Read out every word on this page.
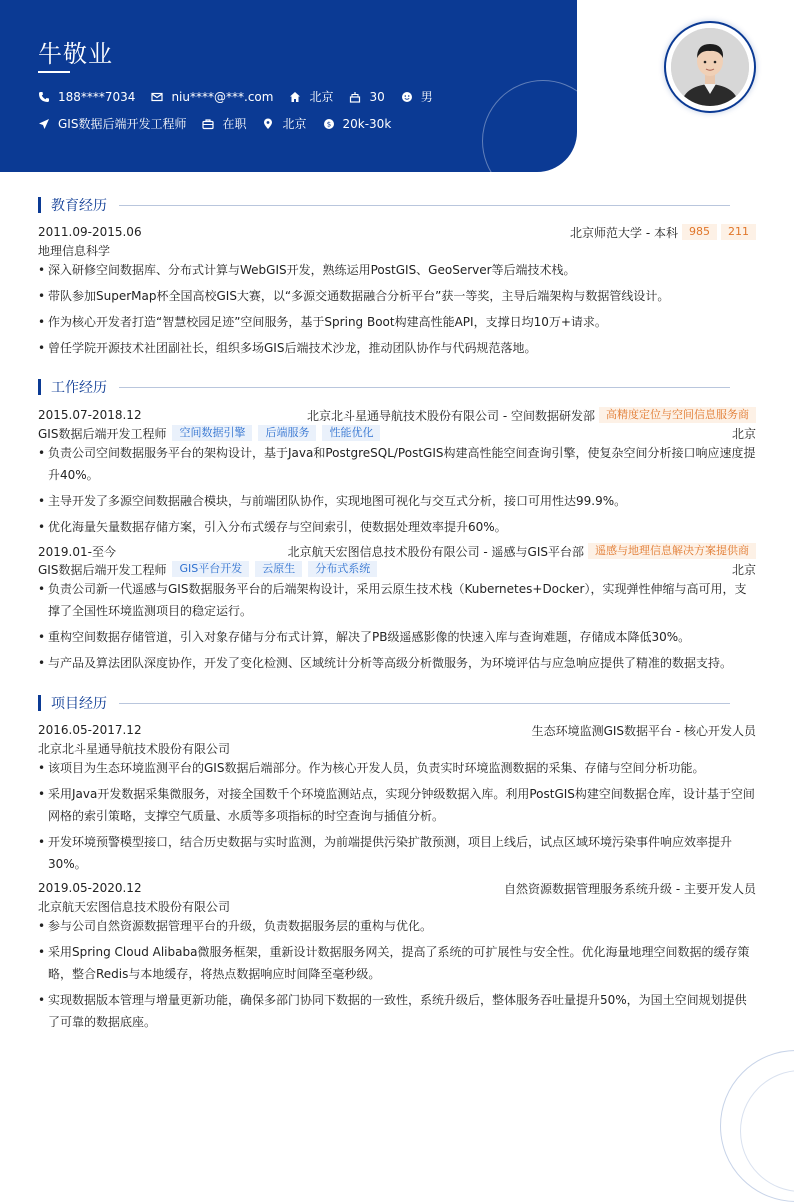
牛敬业
188****7034	niu****@***.com	北京	30	男
GIS数据后端开发工程师	在职	北京	$ 20k-30k
教育经历
2011.09-2015.06	北京师范大学 - 本科	985	211
地理信息科学
• 深入研修空间数据库、分布式计算与WebGIS开发，熟练运用PostGIS、GeoServer等后端技术栈。
• 带队参加SuperMap杯全国高校GIS大赛，以“多源交通数据融合分析平台”获一等奖，主导后端架构与数据管线设计。
• 作为核心开发者打造“智慧校园足迹”空间服务，基于Spring Boot构建高性能API，支撑日均10万+请求。
• 曾任学院开源技术社团副社长，组织多场GIS后端技术沙龙，推动团队协作与代码规范落地。
工作经历
2015.07-2018.12	北京北斗星通导航技术股份有限公司 - 空间数据研发部	高精度定位与空间信息服务商
GIS数据后端开发工程师	空间数据引擎	后端服务	性能优化	北京
• 负责公司空间数据服务平台的架构设计，基于Java和PostgreSQL/PostGIS构建高性能空间查询引擎，使复杂空间分析接口响应速度提升40%。
• 主导开发了多源空间数据融合模块，与前端团队协作，实现地图可视化与交互式分析，接口可用性达99.9%。
• 优化海量矢量数据存储方案，引入分布式缓存与空间索引，使数据处理效率提升60%。
2019.01-至今	北京航天宏图信息技术股份有限公司 - 遥感与GIS平台部	遥感与地理信息解决方案提供商
GIS数据后端开发工程师	GIS平台开发	云原生	分布式系统	北京
• 负责公司新一代遥感与GIS数据服务平台的后端架构设计，采用云原生技术栈（Kubernetes+Docker），实现弹性伸缩与高可用，支撑了全国性环境监测项目的稳定运行。
• 重构空间数据存储管道，引入对象存储与分布式计算，解决了PB级遥感影像的快速入库与查询难题，存储成本降低30%。
• 与产品及算法团队深度协作，开发了变化检测、区域统计分析等高级分析微服务，为环境评估与应急响应提供了精准的数据支持。
项目经历
2016.05-2017.12	生态环境监测GIS数据平台 - 核心开发人员
北京北斗星通导航技术股份有限公司
• 该项目为生态环境监测平台的GIS数据后端部分。作为核心开发人员，负责实时环境监测数据的采集、存储与空间分析功能。
• 采用Java开发数据采集微服务，对接全国数千个环境监测站点，实现分钟级数据入库。利用PostGIS构建空间数据仓库，设计基于空间网格的索引策略，支撑空气质量、水质等多项指标的时空查询与插值分析。
• 开发环境预警模型接口，结合历史数据与实时监测，为前端提供污染扩散预测，项目上线后，试点区域环境污染事件响应效率提升30%。
2019.05-2020.12	自然资源数据管理服务系统升级 - 主要开发人员
北京航天宏图信息技术股份有限公司
• 参与公司自然资源数据管理平台的升级，负责数据服务层的重构与优化。
• 采用Spring Cloud Alibaba微服务框架，重新设计数据服务网关，提高了系统的可扩展性与安全性。优化海量地理空间数据的缓存策略，整合Redis与本地缓存，将热点数据响应时间降至毫秒级。
• 实现数据版本管理与增量更新功能，确保多部门协同下数据的一致性，系统升级后，整体服务吞吐量提升50%，为国土空间规划提供了可靠的数据底座。
